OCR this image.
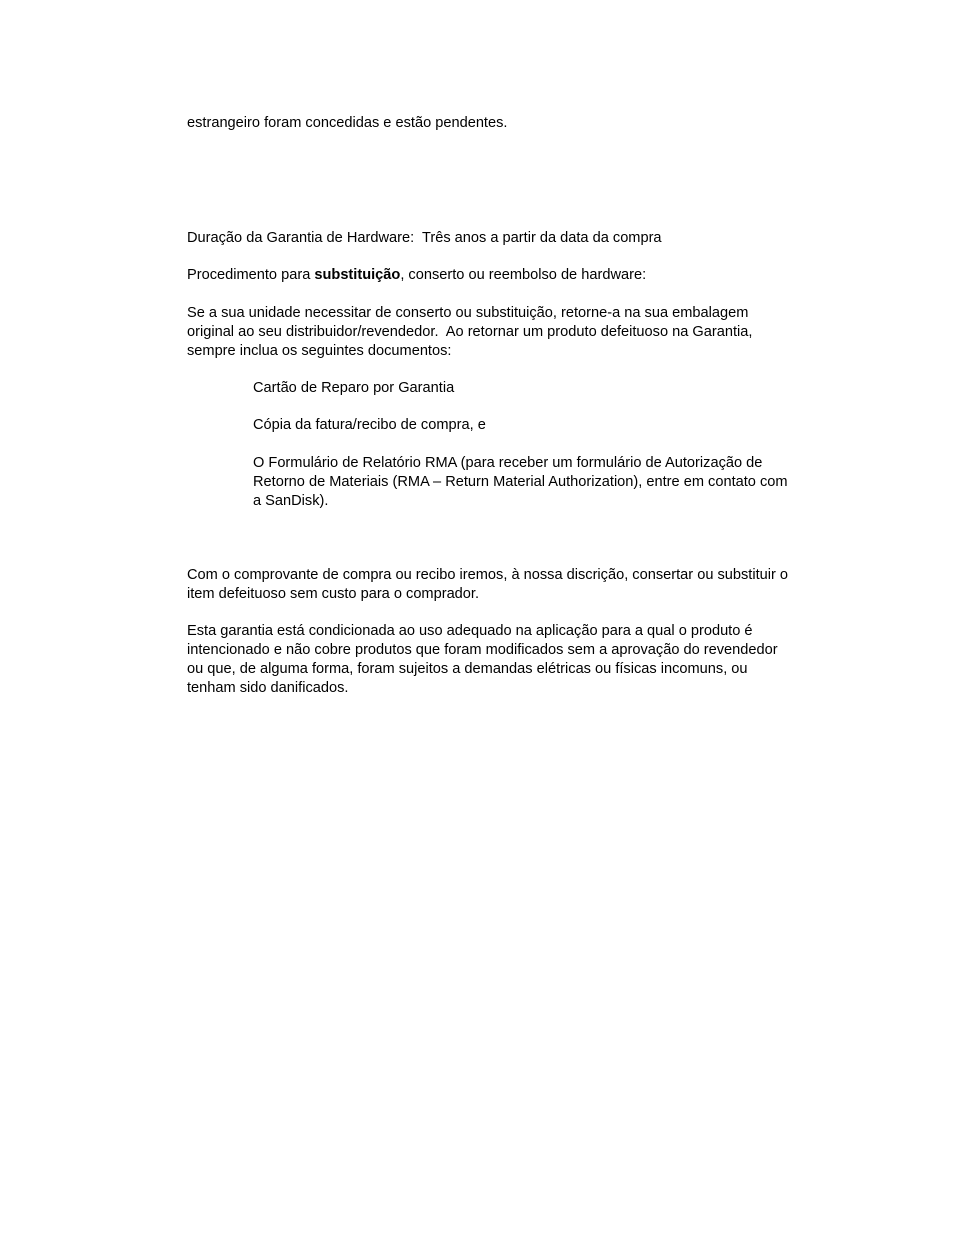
estrangeiro foram concedidas e estão pendentes.
Duração da Garantia de Hardware:  Três anos a partir da data da compra
Procedimento para substituição, conserto ou reembolso de hardware:
Se a sua unidade necessitar de conserto ou substituição, retorne-a na sua embalagem
original ao seu distribuidor/revendedor.  Ao retornar um produto defeituoso na Garantia,
sempre inclua os seguintes documentos:
Cartão de Reparo por Garantia
Cópia da fatura/recibo de compra, e
O Formulário de Relatório RMA (para receber um formulário de Autorização de
Retorno de Materiais (RMA – Return Material Authorization), entre em contato com
a SanDisk).
Com o comprovante de compra ou recibo iremos, à nossa discrição, consertar ou substituir o
item defeituoso sem custo para o comprador.
Esta garantia está condicionada ao uso adequado na aplicação para a qual o produto é
intencionado e não cobre produtos que foram modificados sem a aprovação do revendedor
ou que, de alguma forma, foram sujeitos a demandas elétricas ou físicas incomuns, ou
tenham sido danificados.
